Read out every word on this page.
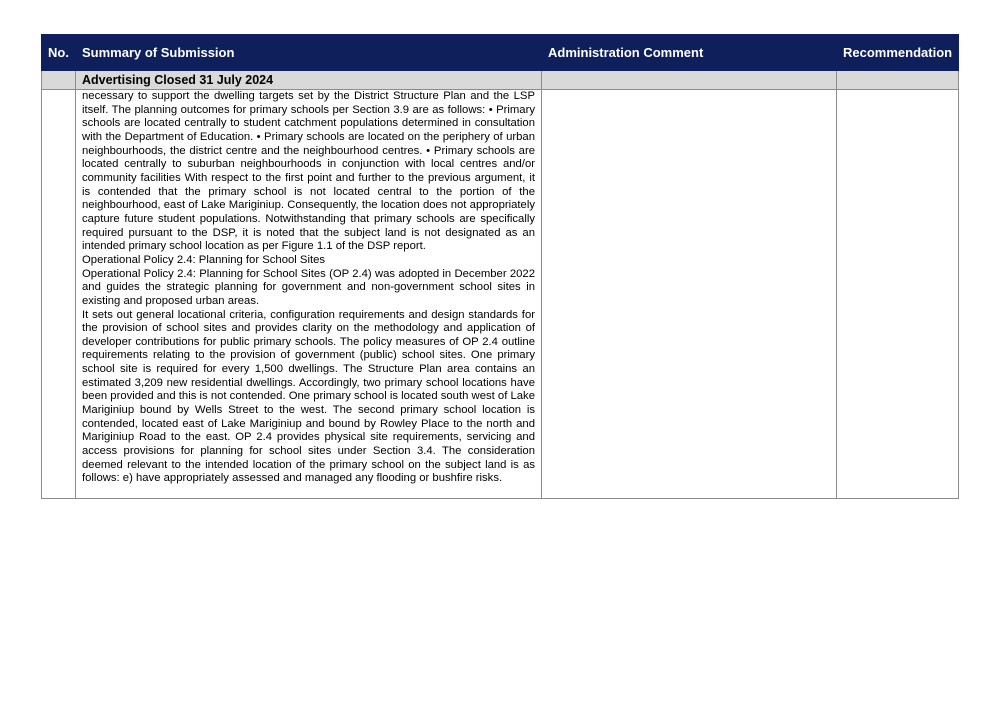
No.	Summary of Submission	Administration Comment	Recommendation
	Advertising Closed 31 July 2024		

	necessary to support the dwelling targets set by the District Structure Plan and the LSP itself. The planning outcomes for primary schools per Section 3.9 are as follows: • Primary schools are located centrally to student catchment populations determined in consultation with the Department of Education. • Primary schools are located on the periphery of urban neighbourhoods, the district centre and the neighbourhood centres. • Primary schools are located centrally to suburban neighbourhoods in conjunction with local centres and/or community facilities With respect to the first point and further to the previous argument, it is contended that the primary school is not located central to the portion of the neighbourhood, east of Lake Mariginiup. Consequently, the location does not appropriately capture future student populations. Notwithstanding that primary schools are specifically required pursuant to the DSP, it is noted that the subject land is not designated as an intended primary school location as per Figure 1.1 of the DSP report.

Operational Policy 2.4: Planning for School Sites

Operational Policy 2.4: Planning for School Sites (OP 2.4) was adopted in December 2022 and guides the strategic planning for government and non-government school sites in existing and proposed urban areas.

It sets out general locational criteria, configuration requirements and design standards for the provision of school sites and provides clarity on the methodology and application of developer contributions for public primary schools. The policy measures of OP 2.4 outline requirements relating to the provision of government (public) school sites. One primary school site is required for every 1,500 dwellings. The Structure Plan area contains an estimated 3,209 new residential dwellings. Accordingly, two primary school locations have been provided and this is not contended. One primary school is located south west of Lake Mariginiup bound by Wells Street to the west. The second primary school location is contended, located east of Lake Mariginiup and bound by Rowley Place to the north and Mariginiup Road to the east. OP 2.4 provides physical site requirements, servicing and access provisions for planning for school sites under Section 3.4. The consideration deemed relevant to the intended location of the primary school on the subject land is as follows: e) have appropriately assessed and managed any flooding or bushfire risks.		
